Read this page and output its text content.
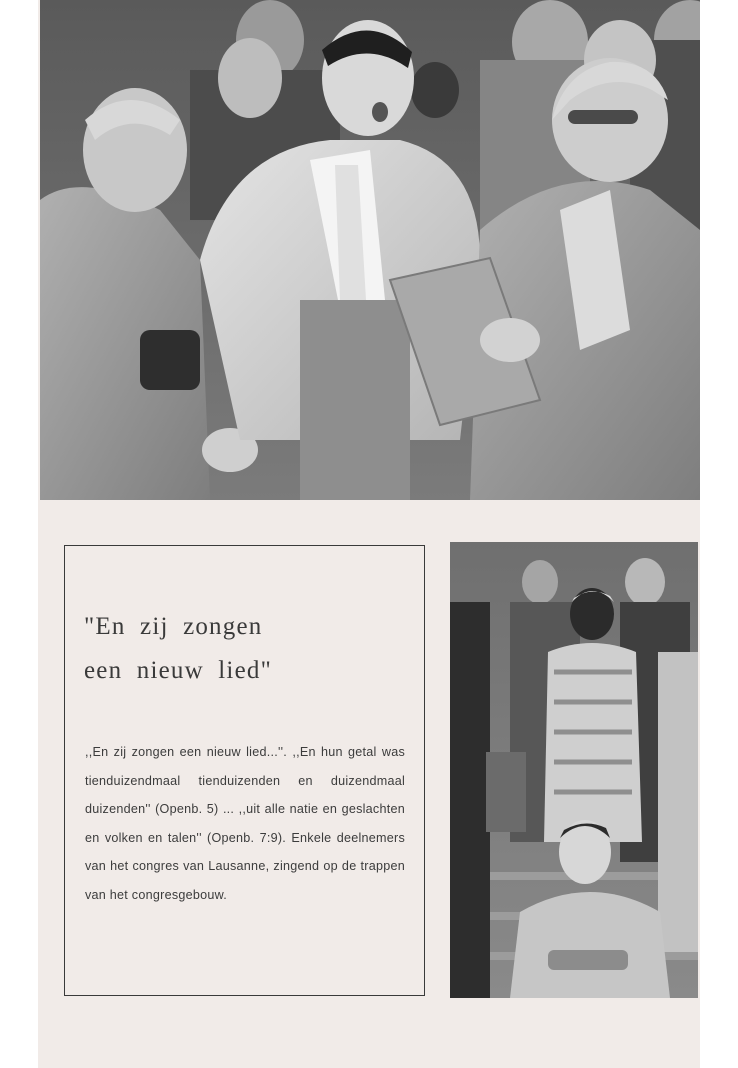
"En zij zongen
een nieuw lied"

,,En zij zongen een nieuw lied...''. ,,En hun getal was tienduizendmaal tienduizenden en duizendmaal duizenden'' (Openb. 5) ... ,,uit alle natie en geslachten en volken en talen'' (Openb. 7:9). Enkele deelnemers van het congres van Lausanne, zingend op de trappen van het congresgebouw.
